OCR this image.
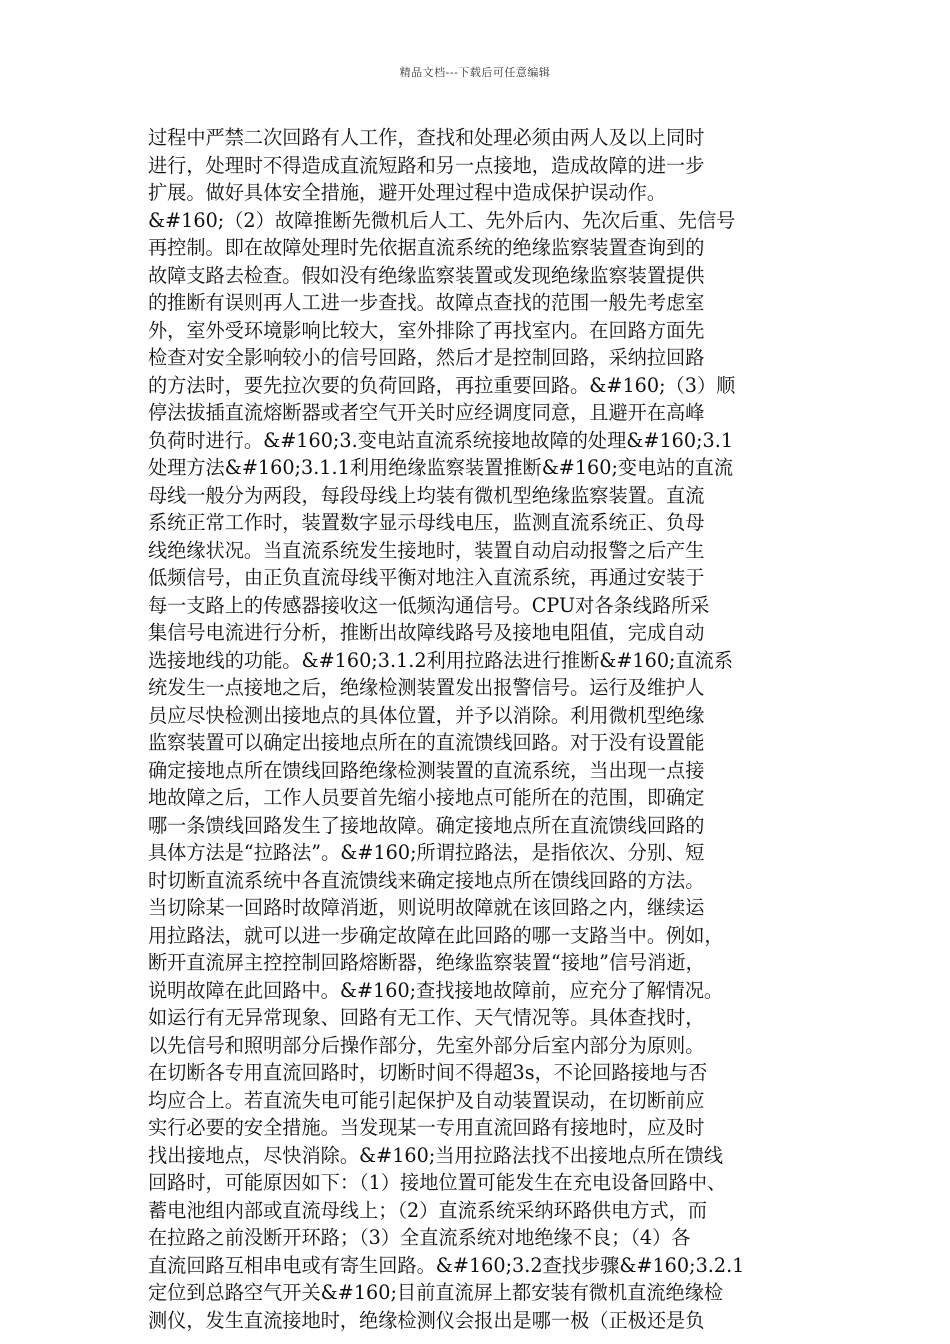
精品文档---下载后可任意编辑
过程中严禁二次回路有人工作，查找和处理必须由两人及以上同时
进行，处理时不得造成直流短路和另一点接地，造成故障的进一步
扩展。做好具体安全措施，避开处理过程中造成保护误动作。
&#160;（2）故障推断先微机后人工、先外后内、先次后重、先信号
再控制。即在故障处理时先依据直流系统的绝缘监察装置查询到的
故障支路去检查。假如没有绝缘监察装置或发现绝缘监察装置提供
的推断有误则再人工进一步查找。故障点查找的范围一般先考虑室
外，室外受环境影响比较大，室外排除了再找室内。在回路方面先
检查对安全影响较小的信号回路，然后才是控制回路，采纳拉回路
的方法时，要先拉次要的负荷回路，再拉重要回路。&#160;（3）顺
停法拔插直流熔断器或者空气开关时应经调度同意，且避开在高峰
负荷时进行。&#160;3.变电站直流系统接地故障的处理&#160;3.1
处理方法&#160;3.1.1利用绝缘监察装置推断&#160;变电站的直流
母线一般分为两段，每段母线上均装有微机型绝缘监察装置。直流
系统正常工作时，装置数字显示母线电压，监测直流系统正、负母
线绝缘状况。当直流系统发生接地时，装置自动启动报警之后产生
低频信号，由正负直流母线平衡对地注入直流系统，再通过安装于
每一支路上的传感器接收这一低频沟通信号。CPU对各条线路所采
集信号电流进行分析，推断出故障线路号及接地电阻值，完成自动
选接地线的功能。&#160;3.1.2利用拉路法进行推断&#160;直流系
统发生一点接地之后，绝缘检测装置发出报警信号。运行及维护人
员应尽快检测出接地点的具体位置，并予以消除。利用微机型绝缘
监察装置可以确定出接地点所在的直流馈线回路。对于没有设置能
确定接地点所在馈线回路绝缘检测装置的直流系统，当出现一点接
地故障之后，工作人员要首先缩小接地点可能所在的范围，即确定
哪一条馈线回路发生了接地故障。确定接地点所在直流馈线回路的
具体方法是“拉路法”。&#160;所谓拉路法，是指依次、分别、短
时切断直流系统中各直流馈线来确定接地点所在馈线回路的方法。
当切除某一回路时故障消逝，则说明故障就在该回路之内，继续运
用拉路法，就可以进一步确定故障在此回路的哪一支路当中。例如，
断开直流屏主控控制回路熔断器，绝缘监察装置“接地”信号消逝，
说明故障在此回路中。&#160;查找接地故障前，应充分了解情况。
如运行有无异常现象、回路有无工作、天气情况等。具体查找时，
以先信号和照明部分后操作部分，先室外部分后室内部分为原则。
在切断各专用直流回路时，切断时间不得超3s，不论回路接地与否
均应合上。若直流失电可能引起保护及自动装置误动，在切断前应
实行必要的安全措施。当发现某一专用直流回路有接地时，应及时
找出接地点，尽快消除。&#160;当用拉路法找不出接地点所在馈线
回路时，可能原因如下：（1）接地位置可能发生在充电设备回路中、
蓄电池组内部或直流母线上；（2）直流系统采纳环路供电方式，而
在拉路之前没断开环路；（3）全直流系统对地绝缘不良；（4）各
直流回路互相串电或有寄生回路。&#160;3.2查找步骤&#160;3.2.1
定位到总路空气开关&#160;目前直流屏上都安装有微机直流绝缘检
测仪，发生直流接地时，绝缘检测仪会报出是哪一极（正极还是负
